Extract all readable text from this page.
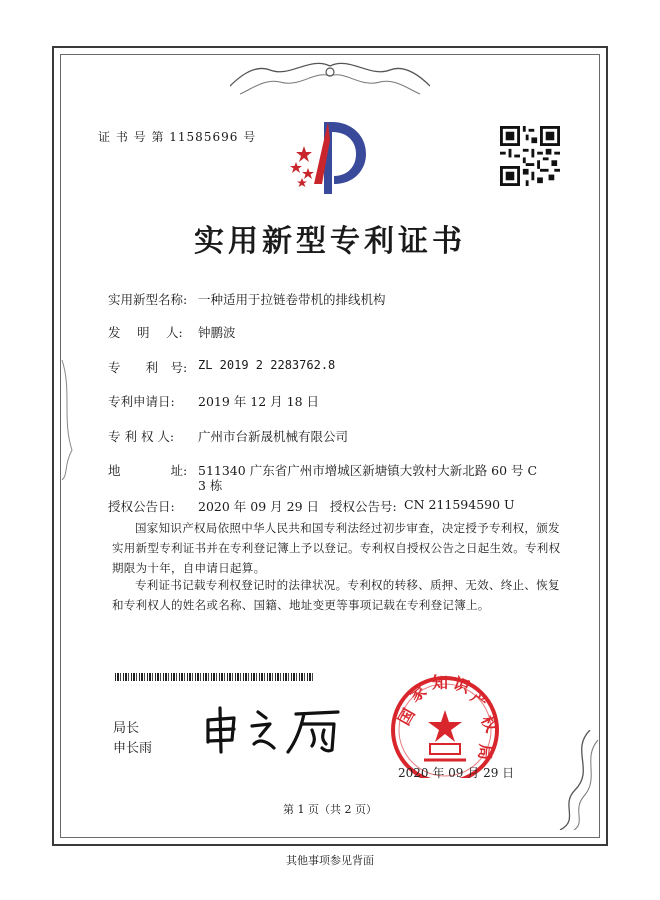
证 书 号 第 11585696 号
实用新型专利证书
实用新型名称: 一种适用于拉链卷带机的排线机构
发　 明　 人: 钟鹏波
专　　利　号: ZL 2019 2 2283762.8
专利申请日: 2019 年 12 月 18 日
专 利 权 人: 广州市台新晟机械有限公司
地　　　　址: 511340 广东省广州市增城区新塘镇大敦村大新北路 60 号 C
3 栋
授权公告日: 2020 年 09 月 29 日 授权公告号: CN 211594590 U
国家知识产权局依照中华人民共和国专利法经过初步审查，决定授予专利权，颁发实用新型专利证书并在专利登记簿上予以登记。专利权自授权公告之日起生效。专利权期限为十年，自申请日起算。
专利证书记载专利权登记时的法律状况。专利权的转移、质押、无效、终止、恢复和专利权人的姓名或名称、国籍、地址变更等事项记载在专利登记簿上。
局长
申长雨
国
家 知 识
产
权
局
2020 年 09 月 29 日
第 1 页（共 2 页）
其他事项参见背面
